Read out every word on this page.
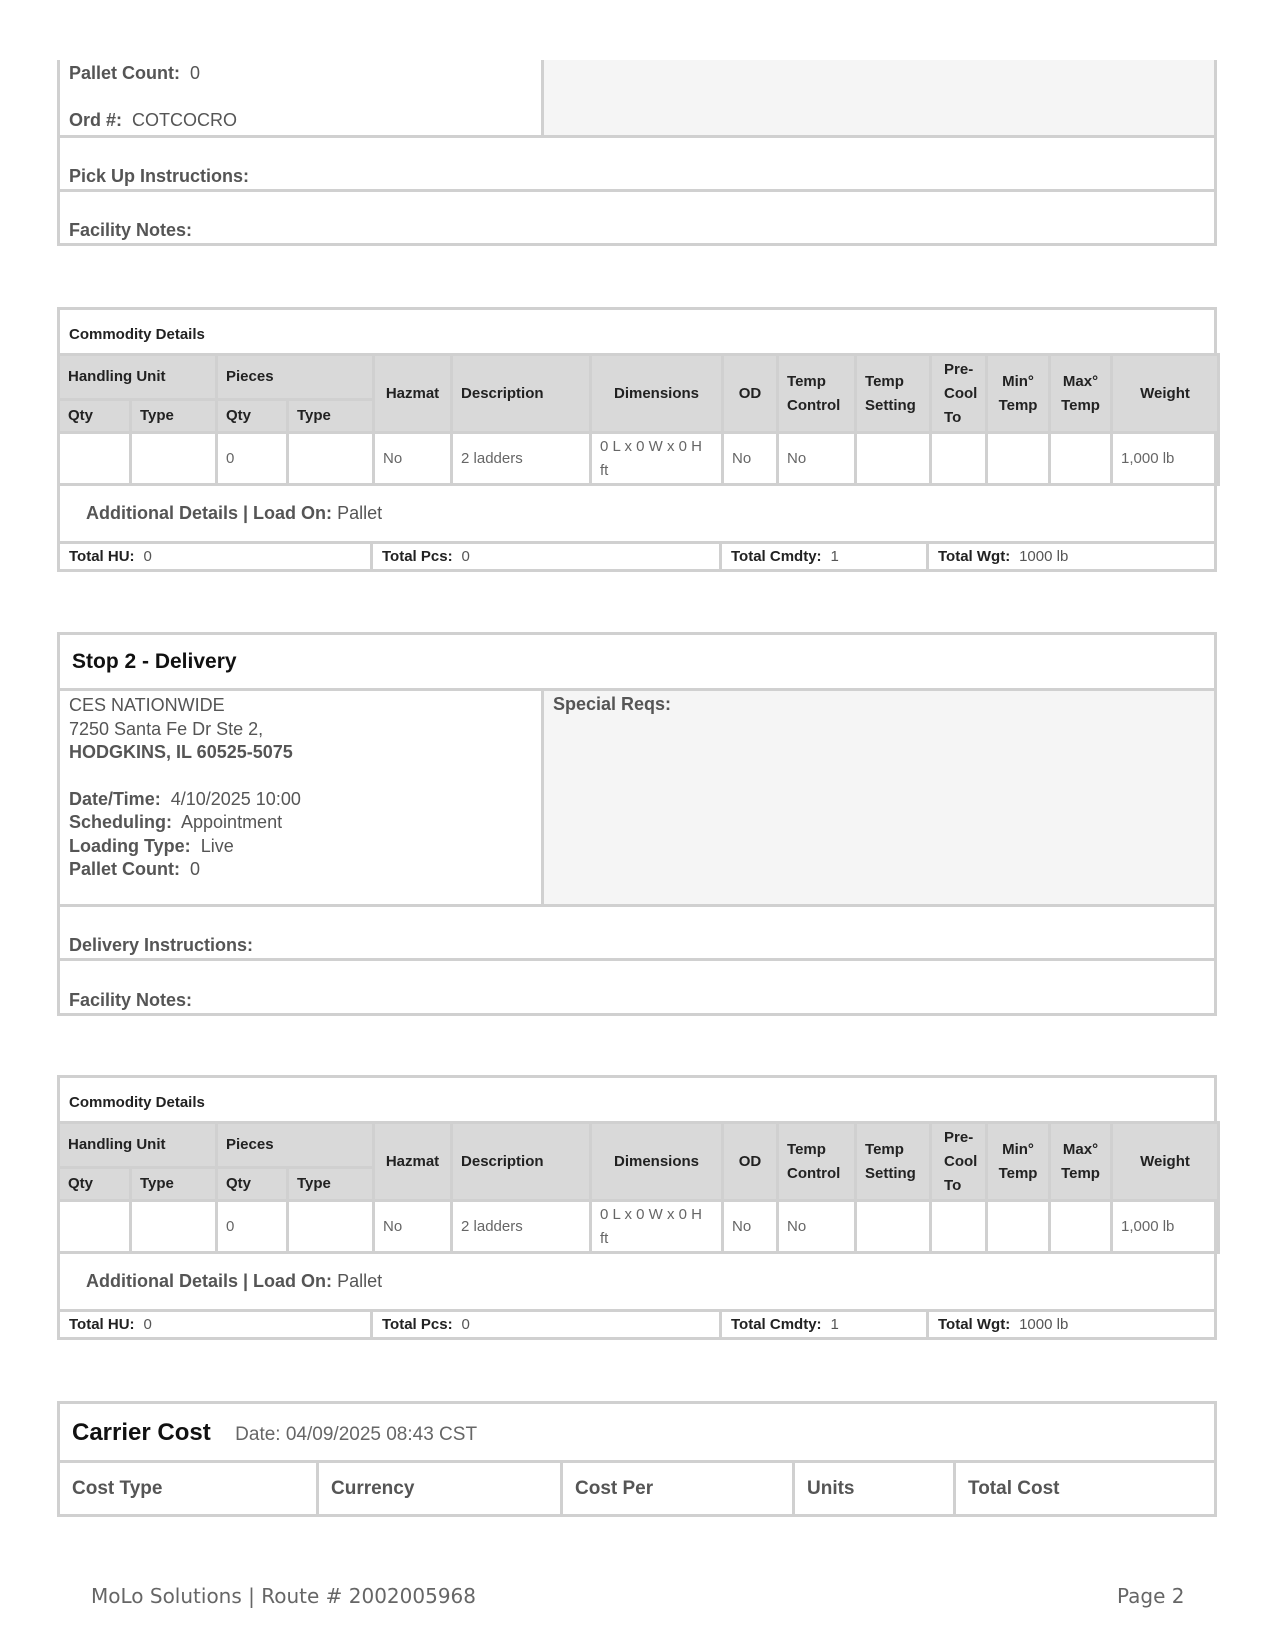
Pallet Count: 0
Ord #: COTCOCRO
Pick Up Instructions:
Facility Notes:
Commodity Details
Handling Unit		Pieces		Hazmat	Description	Dimensions	OD	Temp Control	Temp Setting	Pre-Cool To	Min° Temp	Max° Temp	Weight
Qty	Type	Qty	Type										
		0		No	2 ladders	0 L x 0 W x 0 H ft	No	No					1,000 lb
Additional Details | Load On: Pallet
Total HU: 0	Total Pcs: 0	Total Cmdty: 1	Total Wgt: 1000 lb
Stop 2 - Delivery
CES NATIONWIDE
7250 Santa Fe Dr Ste 2,
HODGKINS, IL 60525-5075
Date/Time: 4/10/2025 10:00
Scheduling: Appointment
Loading Type: Live
Pallet Count: 0
Special Reqs:
Delivery Instructions:
Facility Notes:
Commodity Details
Handling Unit		Pieces		Hazmat	Description	Dimensions	OD	Temp Control	Temp Setting	Pre-Cool To	Min° Temp	Max° Temp	Weight
Qty	Type	Qty	Type										
		0		No	2 ladders	0 L x 0 W x 0 H ft	No	No					1,000 lb
Additional Details | Load On: Pallet
Total HU: 0	Total Pcs: 0	Total Cmdty: 1	Total Wgt: 1000 lb
Carrier Cost Date: 04/09/2025 08:43 CST
Cost Type	Currency	Cost Per	Units	Total Cost
MoLo Solutions | Route # 2002005968	Page 2
